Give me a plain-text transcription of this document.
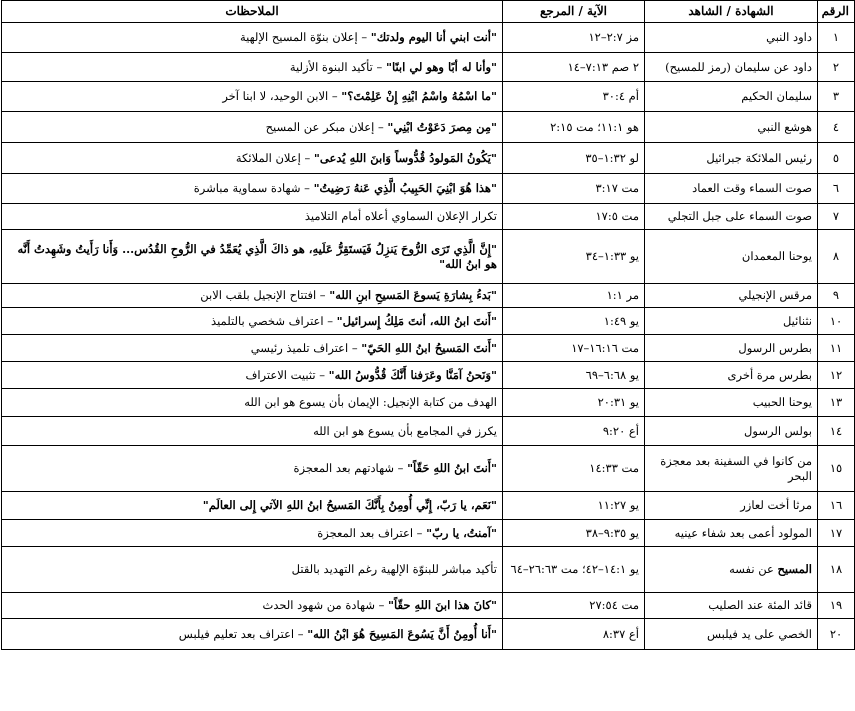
الرقم	الشهادة / الشاهد	الآية / المرجع	الملاحظات
١	داود النبي	مز ٢:٧–١٢	"أنت ابني أنا اليوم ولدتك" – إعلان بنوّة المسيح الإلهية
٢	داود عن سليمان (رمز للمسيح)	٢ صم ٧:١٣–١٤	"وأنا له أبًا وهو لي ابنًا" – تأكيد البنوة الأزلية
٣	سليمان الحكيم	أم ٣٠:٤	"ما اسْمُهُ واسْمُ ابْنِهِ إِنْ عَلِمْتَ؟" – الابن الوحيد، لا ابنا آخر
٤	هوشع النبي	هو ١١:١؛ مت ٢:١٥	"مِن مِصرَ دَعَوْتُ ابْنِي" – إعلان مبكر عن المسيح
٥	رئيس الملائكة جبرائيل	لو ١:٣٢–٣٥	"يَكُونُ المَولودُ قُدُّوساً وَابنَ اللهِ يُدعى" – إعلان الملائكة
٦	صوت السماء وقت العماد	مت ٣:١٧	"هذا هُوَ ابْنِيَ الحَبِيبُ الَّذِي عَنهُ رَضِيتُ" – شهادة سماوية مباشرة
٧	صوت السماء على جبل التجلي	مت ١٧:٥	تكرار الإعلان السماوي أعلاه أمام التلاميذ
٨	يوحنا المعمدان	يو ١:٣٣–٣٤	"إِنَّ الَّذِي تَرَى الرُّوحَ يَنزِلُ فَيَستَقِرُّ عَلَيهِ، هو ذاكَ الَّذِي يُعَمِّدُ في الرُّوحِ القُدُس... وَأَنا رَأَيتُ وشَهِدتُ أَنَّه هو ابنُ الله"
٩	مرقس الإنجيلي	مر ١:١	"بَدءُ بِشارَةِ يَسوعَ المَسيحِ ابنِ الله" – افتتاح الإنجيل بلقب الابن
١٠	نثنائيل	يو ١:٤٩	"أَنتَ ابنُ الله، أنتَ مَلِكُ إِسرائيل" – اعتراف شخصي بالتلميذ
١١	بطرس الرسول	مت ١٦:١٦–١٧	"أَنتَ المَسيحُ ابنُ اللهِ الحَيّ" – اعتراف تلميذ رئيسي
١٢	بطرس مرة أخرى	يو ٦:٦٨–٦٩	"وَنَحنُ آمَنَّا وعَرَفنا أَنَّكَ قُدُّوسُ الله" – تثبيت الاعتراف
١٣	يوحنا الحبيب	يو ٢٠:٣١	الهدف من كتابة الإنجيل: الإيمان بأن يسوع هو ابن الله
١٤	بولس الرسول	أع ٩:٢٠	يكرز في المجامع بأن يسوع هو ابن الله
١٥	من كانوا في السفينة بعد معجزة البحر	مت ١٤:٣٣	"أَنتَ ابنُ اللهِ حَقّاً" – شهادتهم بعد المعجزة
١٦	مرثا أخت لعازر	يو ١١:٢٧	"نَعَم، يا رَبّ، إِنِّي أُومِنُ بِأَنَّكَ المَسيحُ ابنُ اللهِ الآتي إِلى العالَم"
١٧	المولود أعمى بعد شفاء عينيه	يو ٩:٣٥–٣٨	"آمنتُ، يا ربّ" – اعتراف بعد المعجزة
١٨	المسيح عن نفسه	يو ١٤:١–٤٢؛ مت ٢٦:٦٣–٦٤	تأكيد مباشر للبنوّة الإلهية رغم التهديد بالقتل
١٩	قائد المئة عند الصليب	مت ٢٧:٥٤	"كانَ هذا ابنَ اللهِ حقّاً" – شهادة من شهود الحدث
٢٠	الخصي على يد فيلبس	أع ٨:٣٧	"أَنا أُومِنُ أَنَّ يَسُوعَ المَسِيحَ هُوَ ابْنُ الله" – اعتراف بعد تعليم فيلبس
